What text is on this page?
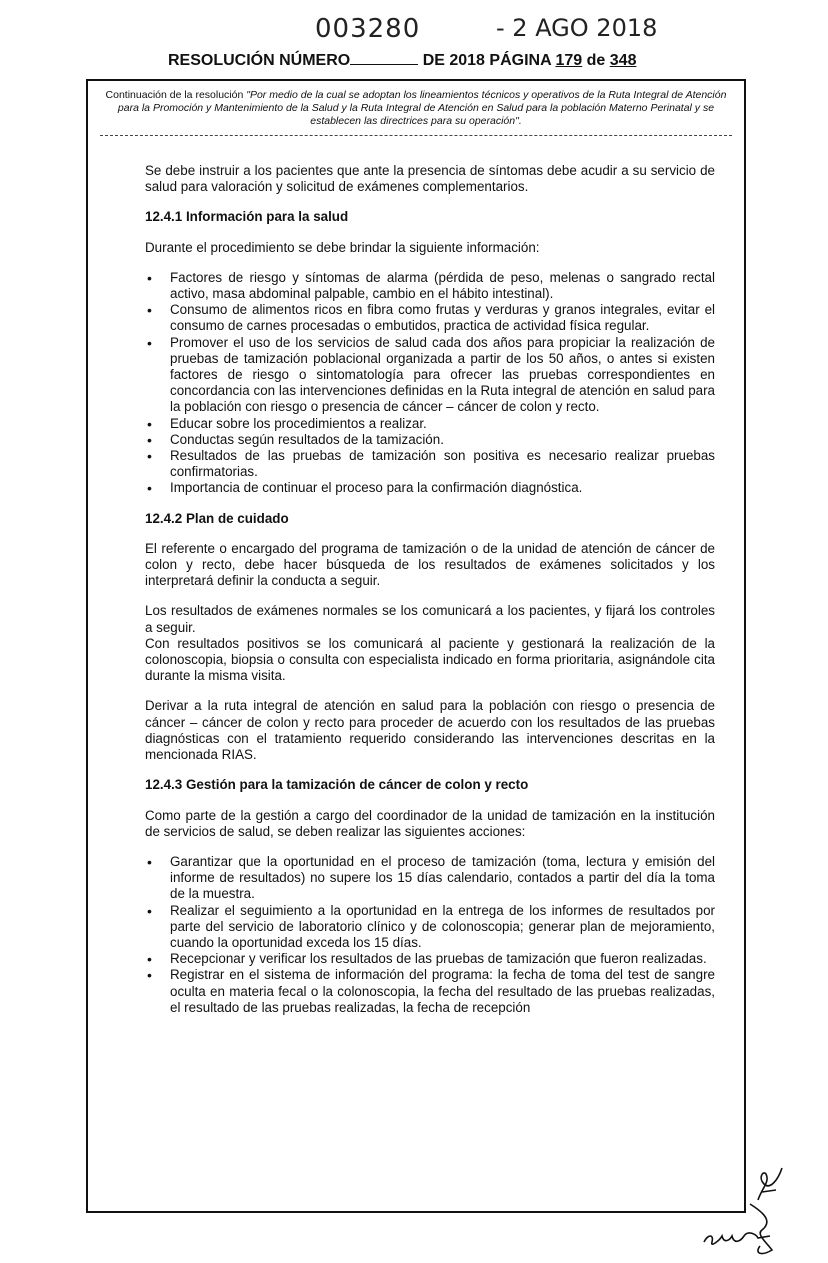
003280	- 2 AGO 2018
RESOLUCIÓN NÚMERO	DE 2018 PÁGINA 179 de 348
Continuación de la resolución "Por medio de la cual se adoptan los lineamientos técnicos y operativos de la Ruta Integral de Atención para la Promoción y Mantenimiento de la Salud y la Ruta Integral de Atención en Salud para la población Materno Perinatal y se establecen las directrices para su operación".

Se debe instruir a los pacientes que ante la presencia de síntomas debe acudir a su servicio de salud para valoración y solicitud de exámenes complementarios.

12.4.1 Información para la salud

Durante el procedimiento se debe brindar la siguiente información:

• Factores de riesgo y síntomas de alarma (pérdida de peso, melenas o sangrado rectal activo, masa abdominal palpable, cambio en el hábito intestinal).
• Consumo de alimentos ricos en fibra como frutas y verduras y granos integrales, evitar el consumo de carnes procesadas o embutidos, practica de actividad física regular.
• Promover el uso de los servicios de salud cada dos años para propiciar la realización de pruebas de tamización poblacional organizada a partir de los 50 años, o antes si existen factores de riesgo o sintomatología para ofrecer las pruebas correspondientes en concordancia con las intervenciones definidas en la Ruta integral de atención en salud para la población con riesgo o presencia de cáncer – cáncer de colon y recto.
• Educar sobre los procedimientos a realizar.
• Conductas según resultados de la tamización.
• Resultados de las pruebas de tamización son positiva es necesario realizar pruebas confirmatorias.
• Importancia de continuar el proceso para la confirmación diagnóstica.
12.4.2 Plan de cuidado

El referente o encargado del programa de tamización o de la unidad de atención de cáncer de colon y recto, debe hacer búsqueda de los resultados de exámenes solicitados y los interpretará definir la conducta a seguir.

Los resultados de exámenes normales se los comunicará a los pacientes, y fijará los controles a seguir.

Con resultados positivos se los comunicará al paciente y gestionará la realización de la colonoscopia, biopsia o consulta con especialista indicado en forma prioritaria, asignándole cita durante la misma visita.

Derivar a la ruta integral de atención en salud para la población con riesgo o presencia de cáncer – cáncer de colon y recto para proceder de acuerdo con los resultados de las pruebas diagnósticas con el tratamiento requerido considerando las intervenciones descritas en la mencionada RIAS.

12.4.3 Gestión para la tamización de cáncer de colon y recto

Como parte de la gestión a cargo del coordinador de la unidad de tamización en la institución de servicios de salud, se deben realizar las siguientes acciones:

• Garantizar que la oportunidad en el proceso de tamización (toma, lectura y emisión del informe de resultados) no supere los 15 días calendario, contados a partir del día la toma de la muestra.
• Realizar el seguimiento a la oportunidad en la entrega de los informes de resultados por parte del servicio de laboratorio clínico y de colonoscopia; generar plan de mejoramiento, cuando la oportunidad exceda los 15 días.
• Recepcionar y verificar los resultados de las pruebas de tamización que fueron realizadas.
• Registrar en el sistema de información del programa: la fecha de toma del test de sangre oculta en materia fecal o la colonoscopia, la fecha del resultado de las pruebas realizadas, el resultado de las pruebas realizadas, la fecha de recepción
